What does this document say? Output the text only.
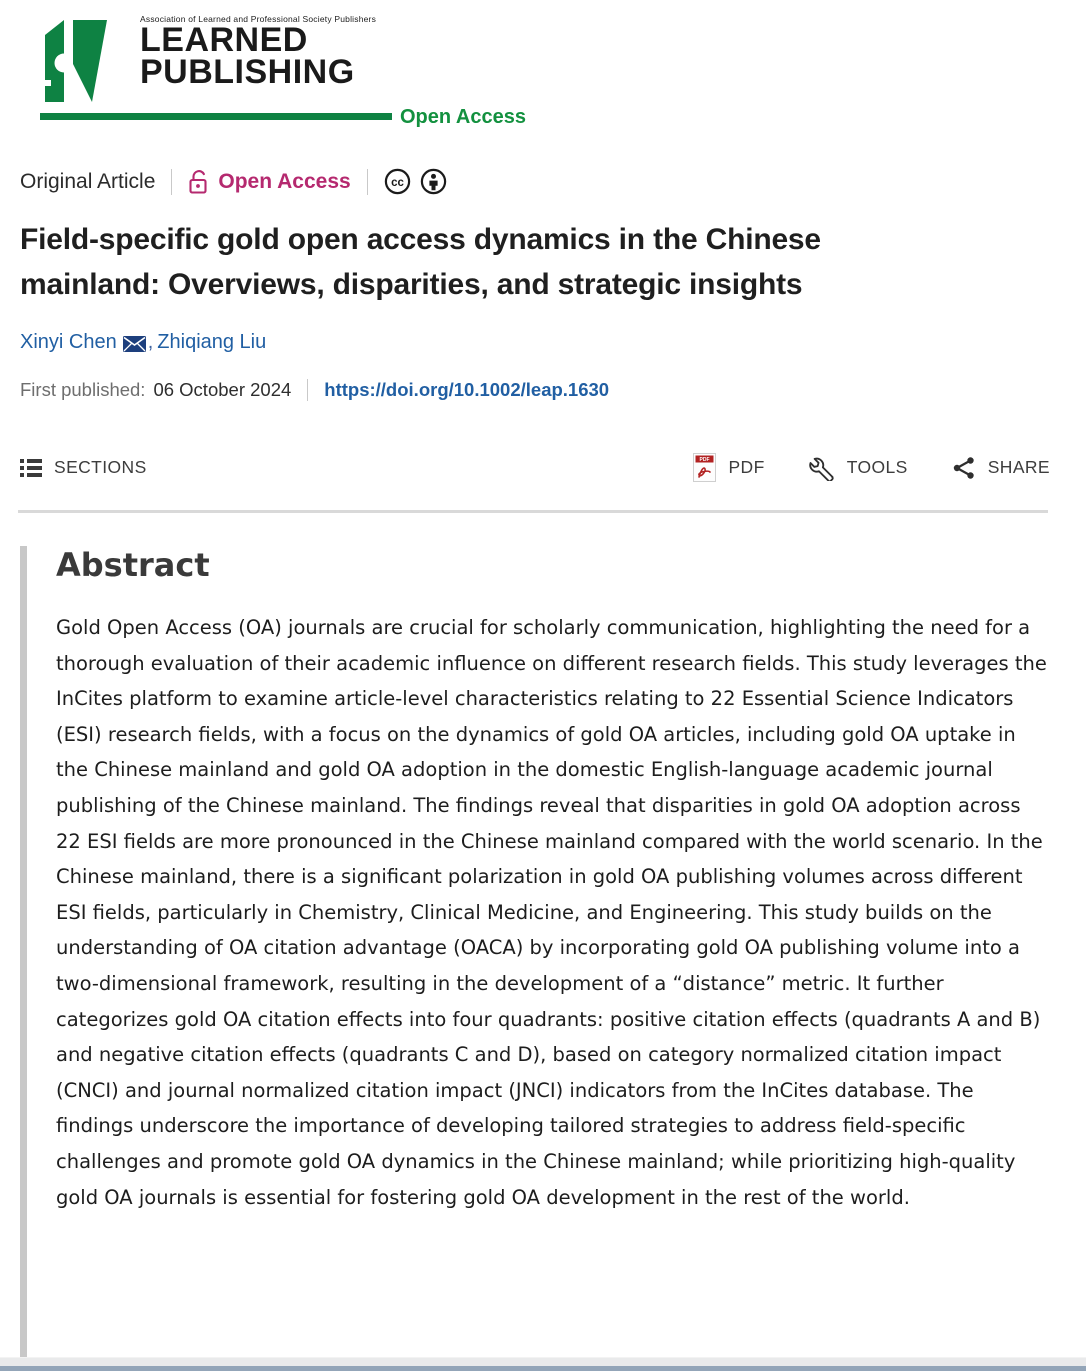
Association of Learned and Professional Society Publishers
LEARNED
PUBLISHING
Open Access
Original Article	Open Access	cc
Field-specific gold open access dynamics in the Chinese mainland: Overviews, disparities, and strategic insights
Xinyi Chen , Zhiqiang Liu
First published: 06 October 2024 https://doi.org/10.1002/leap.1630
SECTIONS	PDF PDF	TOOLS	SHARE
Abstract

Gold Open Access (OA) journals are crucial for scholarly communication, highlighting the need for a thorough evaluation of their academic influence on different research fields. This study leverages the InCites platform to examine article-level characteristics relating to 22 Essential Science Indicators (ESI) research fields, with a focus on the dynamics of gold OA articles, including gold OA uptake in the Chinese mainland and gold OA adoption in the domestic English-language academic journal publishing of the Chinese mainland. The findings reveal that disparities in gold OA adoption across 22 ESI fields are more pronounced in the Chinese mainland compared with the world scenario. In the Chinese mainland, there is a significant polarization in gold OA publishing volumes across different ESI fields, particularly in Chemistry, Clinical Medicine, and Engineering. This study builds on the understanding of OA citation advantage (OACA) by incorporating gold OA publishing volume into a two-dimensional framework, resulting in the development of a “distance” metric. It further categorizes gold OA citation effects into four quadrants: positive citation effects (quadrants A and B) and negative citation effects (quadrants C and D), based on category normalized citation impact (CNCI) and journal normalized citation impact (JNCI) indicators from the InCites database. The findings underscore the importance of developing tailored strategies to address field-specific challenges and promote gold OA dynamics in the Chinese mainland; while prioritizing high-quality gold OA journals is essential for fostering gold OA development in the rest of the world.
